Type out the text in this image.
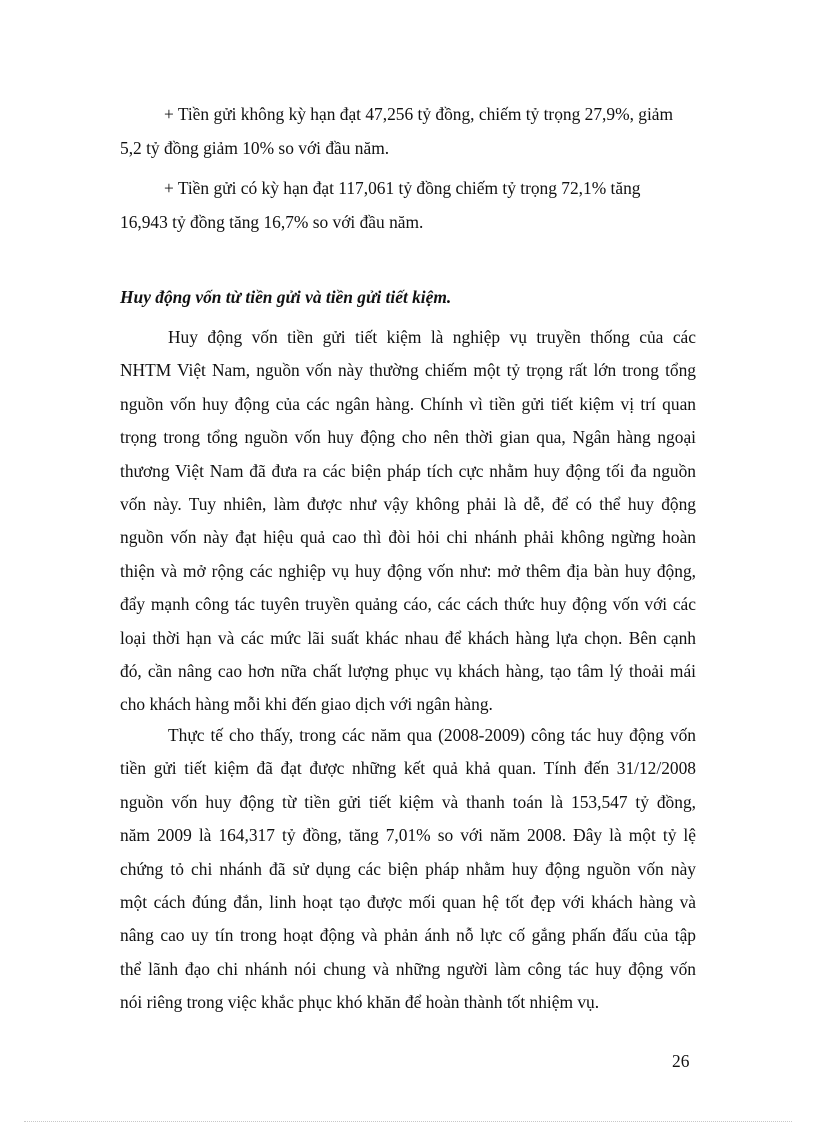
+ Tiền gửi không kỳ hạn đạt 47,256 tỷ đồng, chiếm tỷ trọng 27,9%, giảm
5,2 tỷ đồng giảm 10% so với đầu năm.
+ Tiền gửi có kỳ hạn đạt 117,061 tỷ đồng chiếm tỷ trọng 72,1% tăng
16,943 tỷ đồng tăng 16,7% so với đầu năm.
Huy động vốn từ tiền gửi và tiền gửi tiết kiệm.
Huy động vốn tiền gửi tiết kiệm là nghiệp vụ truyền thống của các
NHTM Việt Nam, nguồn vốn này thường chiếm một tỷ trọng rất lớn trong tổng
nguồn vốn huy động của các ngân hàng. Chính vì tiền gửi tiết kiệm vị trí quan
trọng trong tổng nguồn vốn huy động cho nên thời gian qua, Ngân hàng ngoại
thương Việt Nam đã đưa ra các biện pháp tích cực nhằm huy động tối đa nguồn
vốn này. Tuy nhiên, làm được như vậy không phải là dễ, để có thể huy động
nguồn vốn này đạt hiệu quả cao thì đòi hỏi chi nhánh phải không ngừng hoàn
thiện và mở rộng các nghiệp vụ huy động vốn như: mở thêm địa bàn huy động,
đẩy mạnh công tác tuyên truyền quảng cáo, các cách thức huy động vốn với các
loại thời hạn và các mức lãi suất khác nhau để khách hàng lựa chọn. Bên cạnh
đó, cần nâng cao hơn nữa chất lượng phục vụ khách hàng, tạo tâm lý thoải mái
cho khách hàng mỗi khi đến giao dịch với ngân hàng.
Thực tế cho thấy, trong các năm qua (2008-2009) công tác huy động vốn
tiền gửi tiết kiệm đã đạt được những kết quả khả quan. Tính đến 31/12/2008
nguồn vốn huy động từ tiền gửi tiết kiệm và thanh toán là 153,547 tỷ đồng,
năm 2009 là 164,317 tỷ đồng, tăng 7,01% so với năm 2008. Đây là một tỷ lệ
chứng tỏ chi nhánh đã sử dụng các biện pháp nhằm huy động nguồn vốn này
một cách đúng đắn, linh hoạt tạo được mối quan hệ tốt đẹp với khách hàng và
nâng cao uy tín trong hoạt động và phản ánh nỗ lực cố gắng phấn đấu của tập
thể lãnh đạo chi nhánh nói chung và những người làm công tác huy động vốn
nói riêng trong việc khắc phục khó khăn để hoàn thành tốt nhiệm vụ.
26
